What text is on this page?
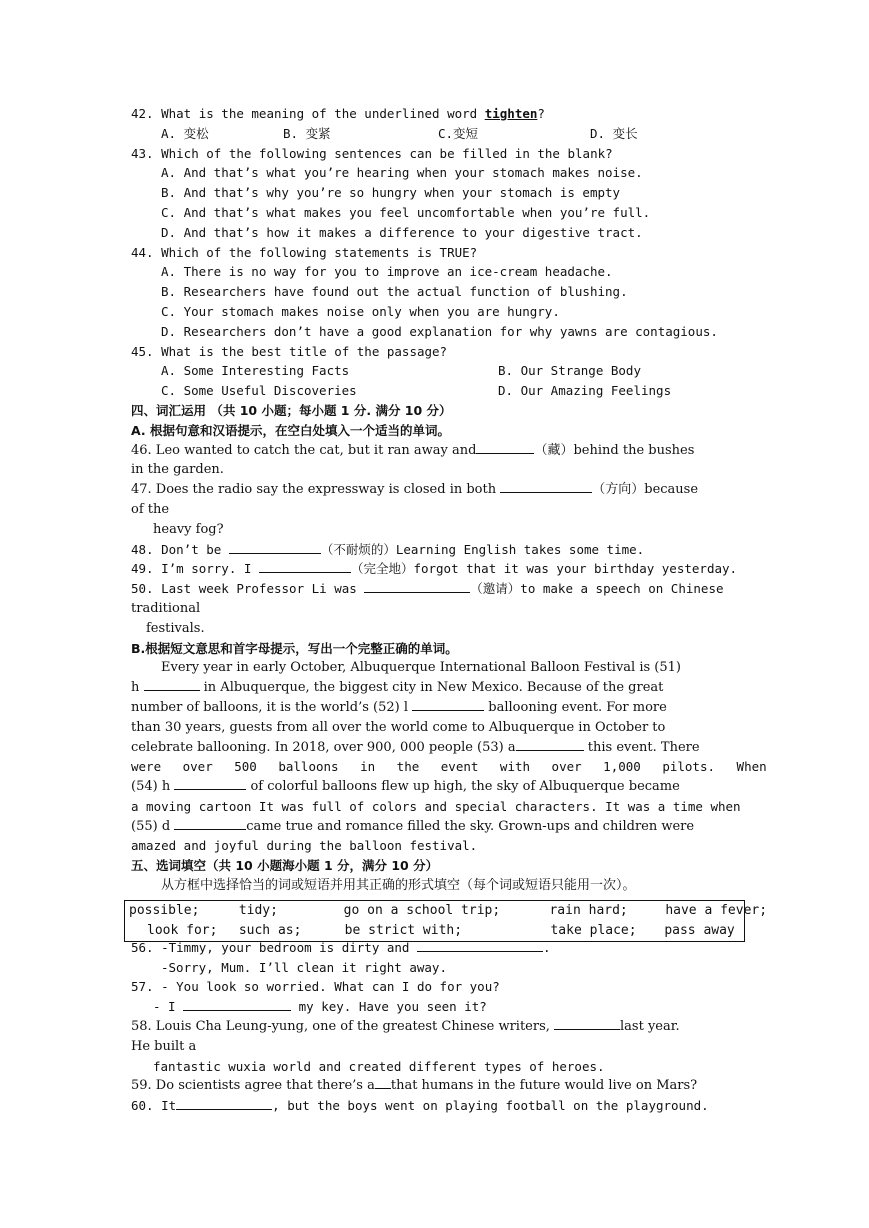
42. What is the meaning of the underlined word tighten?
A. 变松	B. 变紧	C.变短	D. 变长
43. Which of the following sentences can be filled in the blank?
A. And that’s what you’re hearing when your stomach makes noise.
B. And that’s why you’re so hungry when your stomach is empty
C. And that’s what makes you feel uncomfortable when you’re full.
D. And that’s how it makes a difference to your digestive tract.
44. Which of the following statements is TRUE?
A. There is no way for you to improve an ice-cream headache.
B. Researchers have found out the actual function of blushing.
C. Your stomach makes noise only when you are hungry.
D. Researchers don’t have a good explanation for why yawns are contagious.
45. What is the best title of the passage?
A. Some Interesting Facts	B. Our Strange Body
C. Some Useful Discoveries	D. Our Amazing Feelings
四、词汇运用 （共 10 小题；每小题 1 分. 满分 10 分）
A. 根据句意和汉语提示，在空白处填入一个适当的单词。
46. Leo wanted to catch the cat, but it ran away and	（藏）behind the bushes
in the garden.
47. Does the radio say the expressway is closed in both	（方向）because
of the
heavy fog?
48. Don’t be	（不耐烦的）Learning English takes some time.
49. I’m sorry. I	（完全地）forgot that it was your birthday yesterday.
50. Last week Professor Li was	（邀请）to make a speech on Chinese
traditional
festivals.
B.根据短文意思和首字母提示，写出一个完整正确的单词。
Every year in early October, Albuquerque International Balloon Festival is (51)
h	in Albuquerque, the biggest city in New Mexico. Because of the great
number of balloons, it is the world’s (52) l	ballooning event. For more
than 30 years, guests from all over the world come to Albuquerque in October to
celebrate ballooning. In 2018, over 900, 000 people (53) a	this event. There
were over 500 balloons in the event with over 1,000 pilots. When
(54) h	of colorful balloons flew up high, the sky of Albuquerque became
a moving cartoon It was full of colors and special characters. It was a time when
(55) d	came true and romance filled the sky. Grown-ups and children were
amazed and joyful during the balloon festival.
五、选词填空（共 10 小题海小题 1 分，满分 10 分）
从方框中选择恰当的词或短语并用其正确的形式填空（每个词或短语只能用一次）。
56. -Timmy, your bedroom is dirty and	.
-Sorry, Mum. I’ll clean it right away.
57. - You look so worried. What can I do for you?
- I	my key. Have you seen it?
58. Louis Cha Leung-yung, one of the greatest Chinese writers,	last year.
He built a
fantastic wuxia world and created different types of heroes.
59. Do scientists agree that there’s a that humans in the future would live on Mars?
60. It	, but the boys went on playing football on the playground.
possible;	tidy;	go on a school trip;	rain hard;	have a fever;
look for; such as;	be strict with;	take place; pass away
